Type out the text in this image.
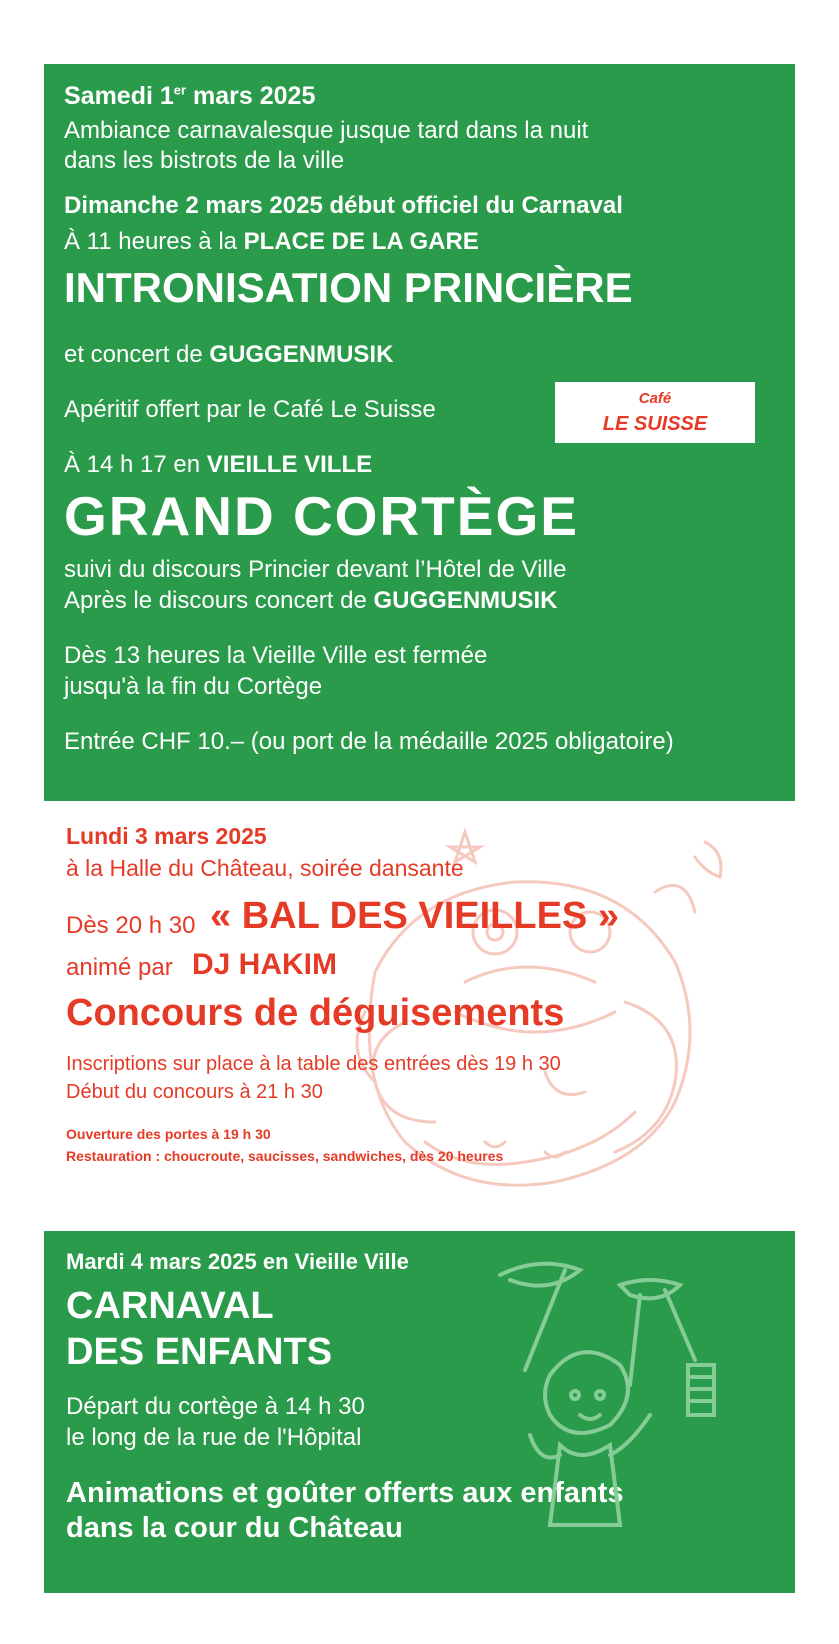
Samedi 1er mars 2025
Ambiance carnavalesque jusque tard dans la nuit
dans les bistrots de la ville
Dimanche 2 mars 2025 début officiel du Carnaval
À 11 heures à la PLACE DE LA GARE
INTRONISATION PRINCIÈRE
et concert de GUGGENMUSIK
Apéritif offert par le Café Le Suisse	Café
LE SUISSE
À 14 h 17 en VIEILLE VILLE
GRAND CORTÈGE
suivi du discours Princier devant l’Hôtel de Ville
Après le discours concert de GUGGENMUSIK
Dès 13 heures la Vieille Ville est fermée
jusqu'à la fin du Cortège
Entrée CHF 10.– (ou port de la médaille 2025 obligatoire)
Lundi 3 mars 2025
à la Halle du Château, soirée dansante
Dès 20 h 30 « BAL DES VIEILLES »
animé par DJ HAKIM
Concours de déguisements
Inscriptions sur place à la table des entrées dès 19 h 30
Début du concours à 21 h 30
Ouverture des portes à 19 h 30
Restauration : choucroute, saucisses, sandwiches, dès 20 heures
Mardi 4 mars 2025 en Vieille Ville
CARNAVAL
DES ENFANTS
Départ du cortège à 14 h 30
le long de la rue de l'Hôpital
Animations et goûter offerts aux enfants
dans la cour du Château
